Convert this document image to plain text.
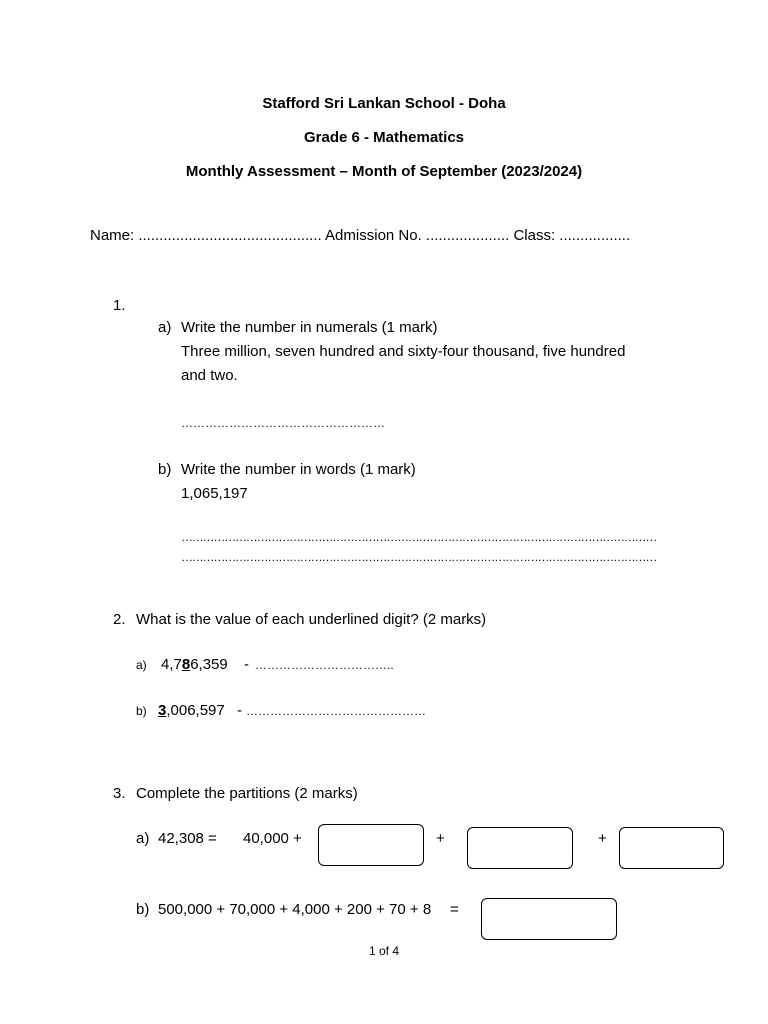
Stafford Sri Lankan School - Doha
Grade 6 - Mathematics
Monthly Assessment – Month of September (2023/2024)
Name: ............................................ Admission No. .................... Class: .................
1.
a) Write the number in numerals (1 mark)
Three million, seven hundred and sixty-four thousand, five hundred
and two.
……………………………………………
b) Write the number in words (1 mark)
1,065,197
……………………………………………………………………………………………………………………
……………………………………………………………………………………………………………………
2. What is the value of each underlined digit? (2 marks)
a) 4,786,359 - ……………………………..
b) 3,006,597 - ………………………………………
3. Complete the partitions (2 marks)
a) 42,308 = 40,000 +	+	+
b) 500,000 + 70,000 + 4,000 + 200 + 70 + 8 =
1 of 4
